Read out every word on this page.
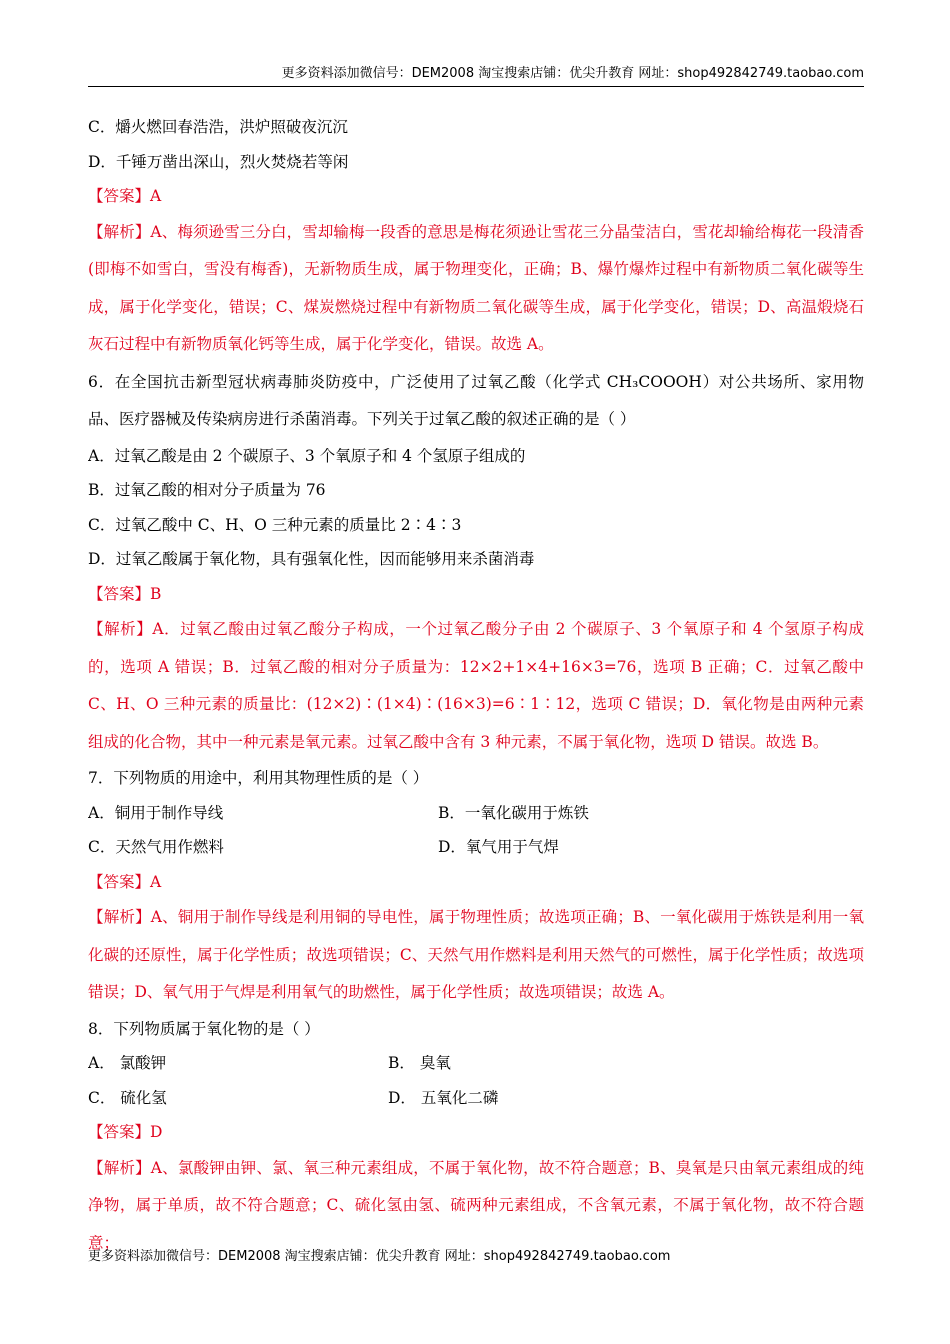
更多资料添加微信号：DEM2008 淘宝搜索店铺：优尖升教育 网址：shop492842749.taobao.com
C．爝火燃回春浩浩，洪炉照破夜沉沉
D．千锤万凿出深山，烈火焚烧若等闲
【答案】A
【解析】A、梅须逊雪三分白，雪却输梅一段香的意思是梅花须逊让雪花三分晶莹洁白，雪花却输给梅花一段清香(即梅不如雪白，雪没有梅香)，无新物质生成，属于物理变化，正确；B、爆竹爆炸过程中有新物质二氧化碳等生成，属于化学变化，错误；C、煤炭燃烧过程中有新物质二氧化碳等生成，属于化学变化，错误；D、高温煅烧石灰石过程中有新物质氧化钙等生成，属于化学变化，错误。故选 A。
6．在全国抗击新型冠状病毒肺炎防疫中，广泛使用了过氧乙酸（化学式 CH₃COOOH）对公共场所、家用物品、医疗器械及传染病房进行杀菌消毒。下列关于过氧乙酸的叙述正确的是（ ）
A．过氧乙酸是由 2 个碳原子、3 个氧原子和 4 个氢原子组成的
B．过氧乙酸的相对分子质量为 76
C．过氧乙酸中 C、H、O 三种元素的质量比 2∶4∶3
D．过氧乙酸属于氧化物，具有强氧化性，因而能够用来杀菌消毒
【答案】B
【解析】A．过氧乙酸由过氧乙酸分子构成，一个过氧乙酸分子由 2 个碳原子、3 个氧原子和 4 个氢原子构成的，选项 A 错误；B．过氧乙酸的相对分子质量为：12×2+1×4+16×3=76，选项 B 正确；C．过氧乙酸中 C、H、O 三种元素的质量比：(12×2)∶(1×4)∶(16×3)=6∶1∶12，选项 C 错误；D．氧化物是由两种元素组成的化合物，其中一种元素是氧元素。过氧乙酸中含有 3 种元素，不属于氧化物，选项 D 错误。故选 B。
7．下列物质的用途中，利用其物理性质的是（ ）
A．铜用于制作导线	B．一氧化碳用于炼铁
C．天然气用作燃料	D．氧气用于气焊
【答案】A
【解析】A、铜用于制作导线是利用铜的导电性，属于物理性质；故选项正确；B、一氧化碳用于炼铁是利用一氧化碳的还原性，属于化学性质；故选项错误；C、天然气用作燃料是利用天然气的可燃性，属于化学性质；故选项错误；D、氧气用于气焊是利用氧气的助燃性，属于化学性质；故选项错误；故选 A。
8．下列物质属于氧化物的是（ ）
A． 氯酸钾	B． 臭氧
C． 硫化氢	D． 五氧化二磷
【答案】D
【解析】A、氯酸钾由钾、氯、氧三种元素组成，不属于氧化物，故不符合题意；B、臭氧是只由氧元素组成的纯净物，属于单质，故不符合题意；C、硫化氢由氢、硫两种元素组成，不含氧元素，不属于氧化物，故不符合题意；
更多资料添加微信号：DEM2008 淘宝搜索店铺：优尖升教育 网址：shop492842749.taobao.com
